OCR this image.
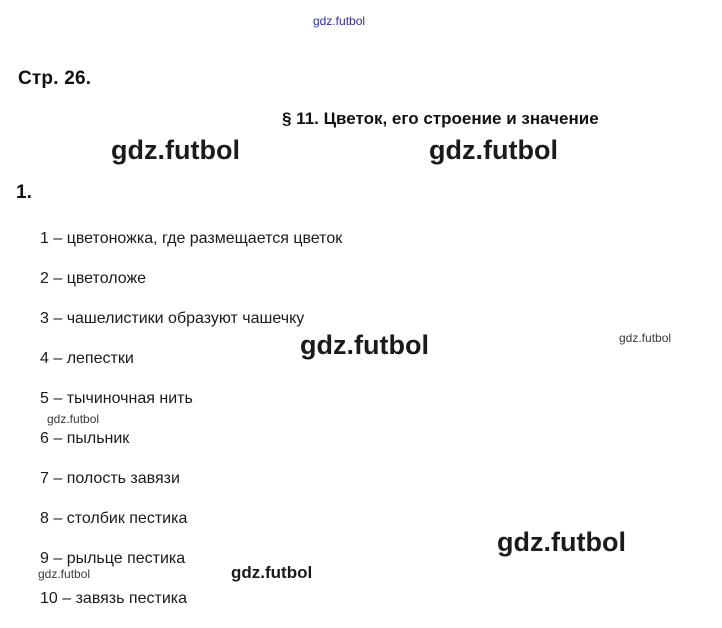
gdz.futbol
Стр. 26.
§ 11. Цветок, его строение и значение
gdz.futbol	gdz.futbol
1.
1 – цветоножка, где размещается цветок
2 – цветоложе
3 – чашелистики образуют чашечку
4 – лепестки
5 – тычиночная нить
6 – пыльник
7 – полость завязи
8 – столбик пестика
9 – рыльце пестика
10 – завязь пестика
gdz.futbol	gdz.futbol
gdz.futbol
gdz.futbol
gdz.futbol	gdz.futbol
